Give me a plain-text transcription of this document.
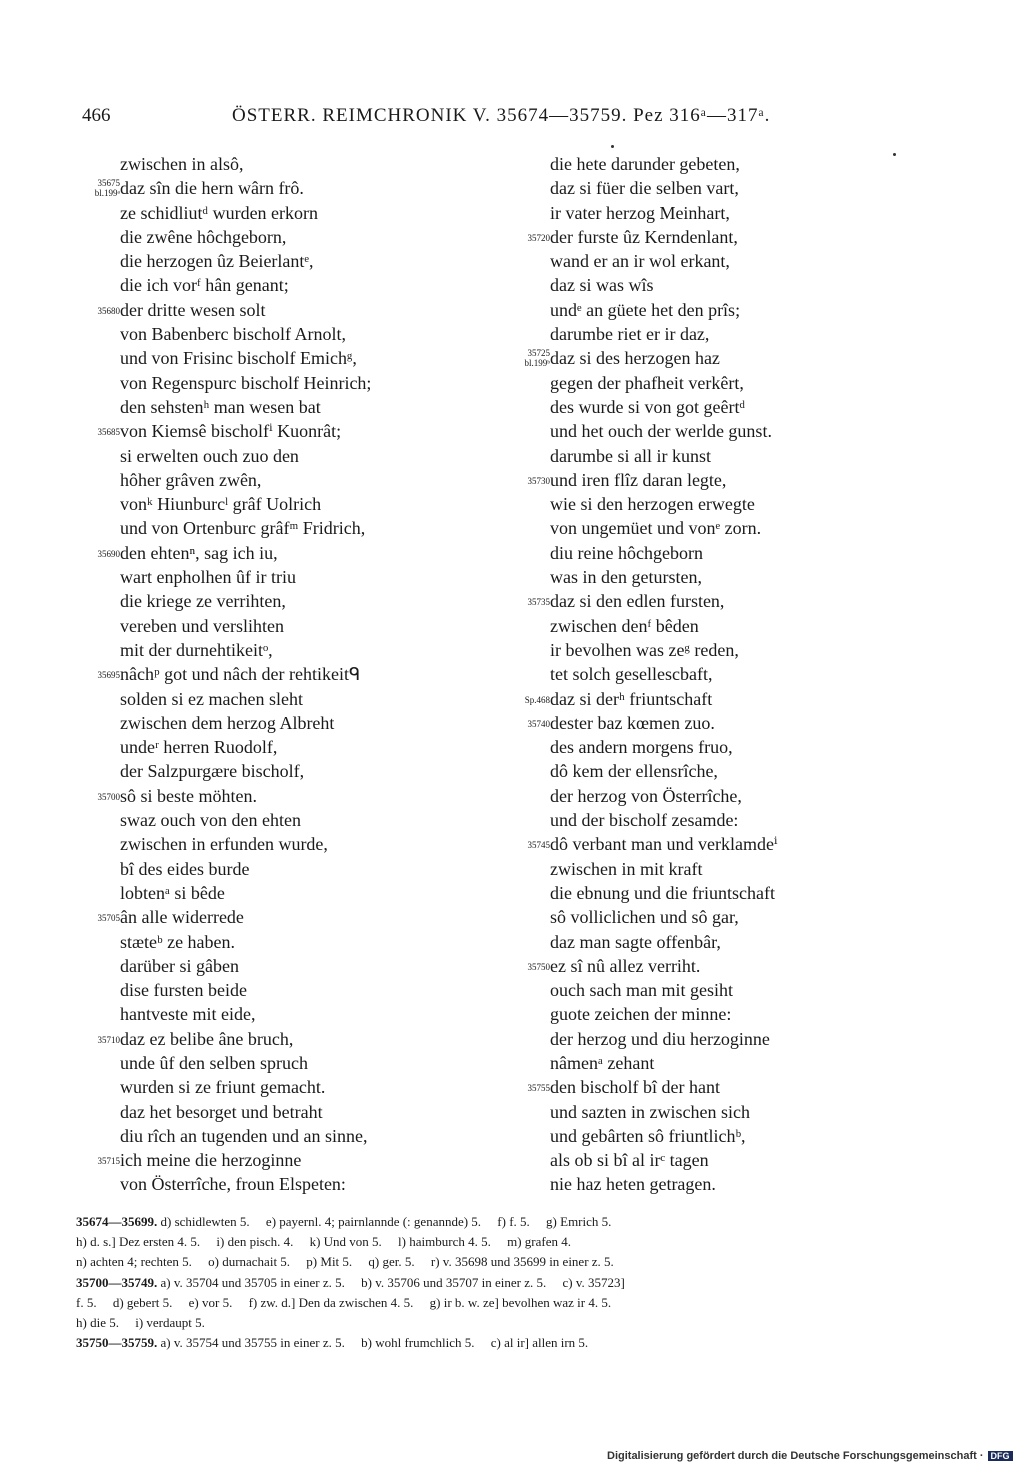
466	ÖSTERR. REIMCHRONIK V. 35674—35759. Pez 316ᵃ—317ᵃ.
zwischen in alsô,
35675
bl.199ᵃ daz sîn die hern wârn frô.
ze schidliutᵈ wurden erkorn
die zwêne hôchgeborn,
die herzogen ûz Beierlantᵉ,
die ich vorᶠ hân genant;
35680 der dritte wesen solt
von Babenberc bischolf Arnolt,
und von Frisinc bischolf Emichᵍ,
von Regenspurc bischolf Heinrich;
den sehstenʰ man wesen bat
35685 von Kiemsê bischolfⁱ Kuonrât;
si erwelten ouch zuo den
hôher grâven zwên,
vonᵏ Hiunburcˡ grâf Uolrich
und von Ortenburc grâfᵐ Fridrich,
35690 den ehtenⁿ, sag ich iu,
wart enpholhen ûf ir triu
die kriege ze verrihten,
vereben und verslihten
mit der durnehtikeitᵒ,
35695 nâchᵖ got und nâch der rehtikeitᑫ
solden si ez machen sleht
zwischen dem herzog Albreht
undeʳ herren Ruodolf,
der Salzpurgære bischolf,
35700 sô si beste möhten.
swaz ouch von den ehten
zwischen in erfunden wurde,
bî des eides burde
lobtenᵃ si bêde
35705 ân alle widerrede
stæteᵇ ze haben.
darüber si gâben
dise fursten beide
hantveste mit eide,
35710 daz ez belibe âne bruch,
unde ûf den selben spruch
wurden si ze friunt gemacht.
daz het besorget und betraht
diu rîch an tugenden und an sinne,
35715 ich meine die herzoginne
von Österrîche, froun Elspeten:
die hete darunder gebeten,
daz si füer die selben vart,
ir vater herzog Meinhart,
35720 der furste ûz Kerndenlant,
wand er an ir wol erkant,
daz si was wîs
undᵉ an güete het den prîs;
darumbe riet er ir daz,
35725
bl.199ᵇ daz si des herzogen haz
gegen der phafheit verkêrt,
des wurde si von got geêrtᵈ
und het ouch der werlde gunst.
darumbe si all ir kunst
35730 und iren flîz daran legte,
wie si den herzogen erwegte
von ungemüet und vonᵉ zorn.
diu reine hôchgeborn
was in den getursten,
35735 daz si den edlen fursten,
zwischen denᶠ bêden
ir bevolhen was zeᵍ reden,
tet solch gesellescbaft,
Sp.468 daz si derʰ friuntschaft
35740 dester baz kœmen zuo.
des andern morgens fruo,
dô kem der ellensrîche,
der herzog von Österrîche,
und der bischolf zesamde:
35745 dô verbant man und verklamdeⁱ
zwischen in mit kraft
die ebnung und die friuntschaft
sô volliclichen und sô gar,
daz man sagte offenbâr,
35750 ez sî nû allez verriht.
ouch sach man mit gesiht
guote zeichen der minne:
der herzog und diu herzoginne
nâmenᵃ zehant
35755 den bischolf bî der hant
und sazten in zwischen sich
und gebârten sô friuntlichᵇ,
als ob si bî al irᶜ tagen
nie haz heten getragen.
35674—35699. d) schidlewten 5.     e) payernl. 4; pairnlannde (: genannde) 5.     f) f. 5.     g) Emrich 5.
h) d. s.] Dez ersten 4. 5.     i) den pisch. 4.     k) Und von 5.     l) haimburch 4. 5.     m) grafen 4.
n) achten 4; rechten 5.     o) durnachait 5.     p) Mit 5.     q) ger. 5.     r) v. 35698 und 35699 in einer z. 5.
35700—35749. a) v. 35704 und 35705 in einer z. 5.     b) v. 35706 und 35707 in einer z. 5.     c) v. 35723]
f. 5.     d) gebert 5.     e) vor 5.     f) zw. d.] Den da zwischen 4. 5.     g) ir b. w. ze] bevolhen waz ir 4. 5.
h) die 5.     i) verdaupt 5.
35750—35759. a) v. 35754 und 35755 in einer z. 5.     b) wohl frumchlich 5.     c) al ir] allen irn 5.
Digitalisierung gefördert durch die Deutsche Forschungsgemeinschaft · DFG
